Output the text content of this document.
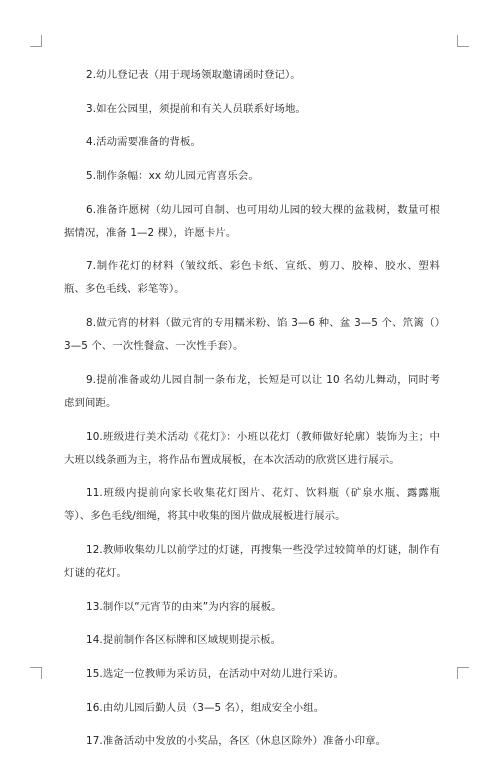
2.幼儿登记表（用于现场领取邀请函时登记）。

3.如在公园里，须提前和有关人员联系好场地。

4.活动需要准备的背板。

5.制作条幅：xx 幼儿园元宵喜乐会。

6.准备许愿树（幼儿园可自制、也可用幼儿园的较大棵的盆栽树，数量可根据情况，准备 1—2 棵），许愿卡片。

7.制作花灯的材料（皱纹纸、彩色卡纸、宣纸、剪刀、胶棒、胶水、塑料瓶、多色毛线、彩笔等）。

8.做元宵的材料（做元宵的专用糯米粉、馅 3—6 种、盆 3—5 个、笊篱（）3—5 个、一次性餐盒、一次性手套）。

9.提前准备或幼儿园自制一条布龙，长短是可以让 10 名幼儿舞动，同时考虑到间距。

10.班级进行美术活动《花灯》：小班以花灯（教师做好轮廓）装饰为主；中大班以线条画为主，将作品布置成展板，在本次活动的欣赏区进行展示。

11.班级内提前向家长收集花灯图片、花灯、饮料瓶（矿泉水瓶、露露瓶等）、多色毛线/细绳，将其中收集的图片做成展板进行展示。

12.教师收集幼儿以前学过的灯谜，再搜集一些没学过较简单的灯谜，制作有灯谜的花灯。

13.制作以“元宵节的由来”为内容的展板。

14.提前制作各区标牌和区域规则提示板。

15.选定一位教师为采访员，在活动中对幼儿进行采访。

16.由幼儿园后勤人员（3—5 名），组成安全小组。

17.准备活动中发放的小奖品，各区（休息区除外）准备小印章。
